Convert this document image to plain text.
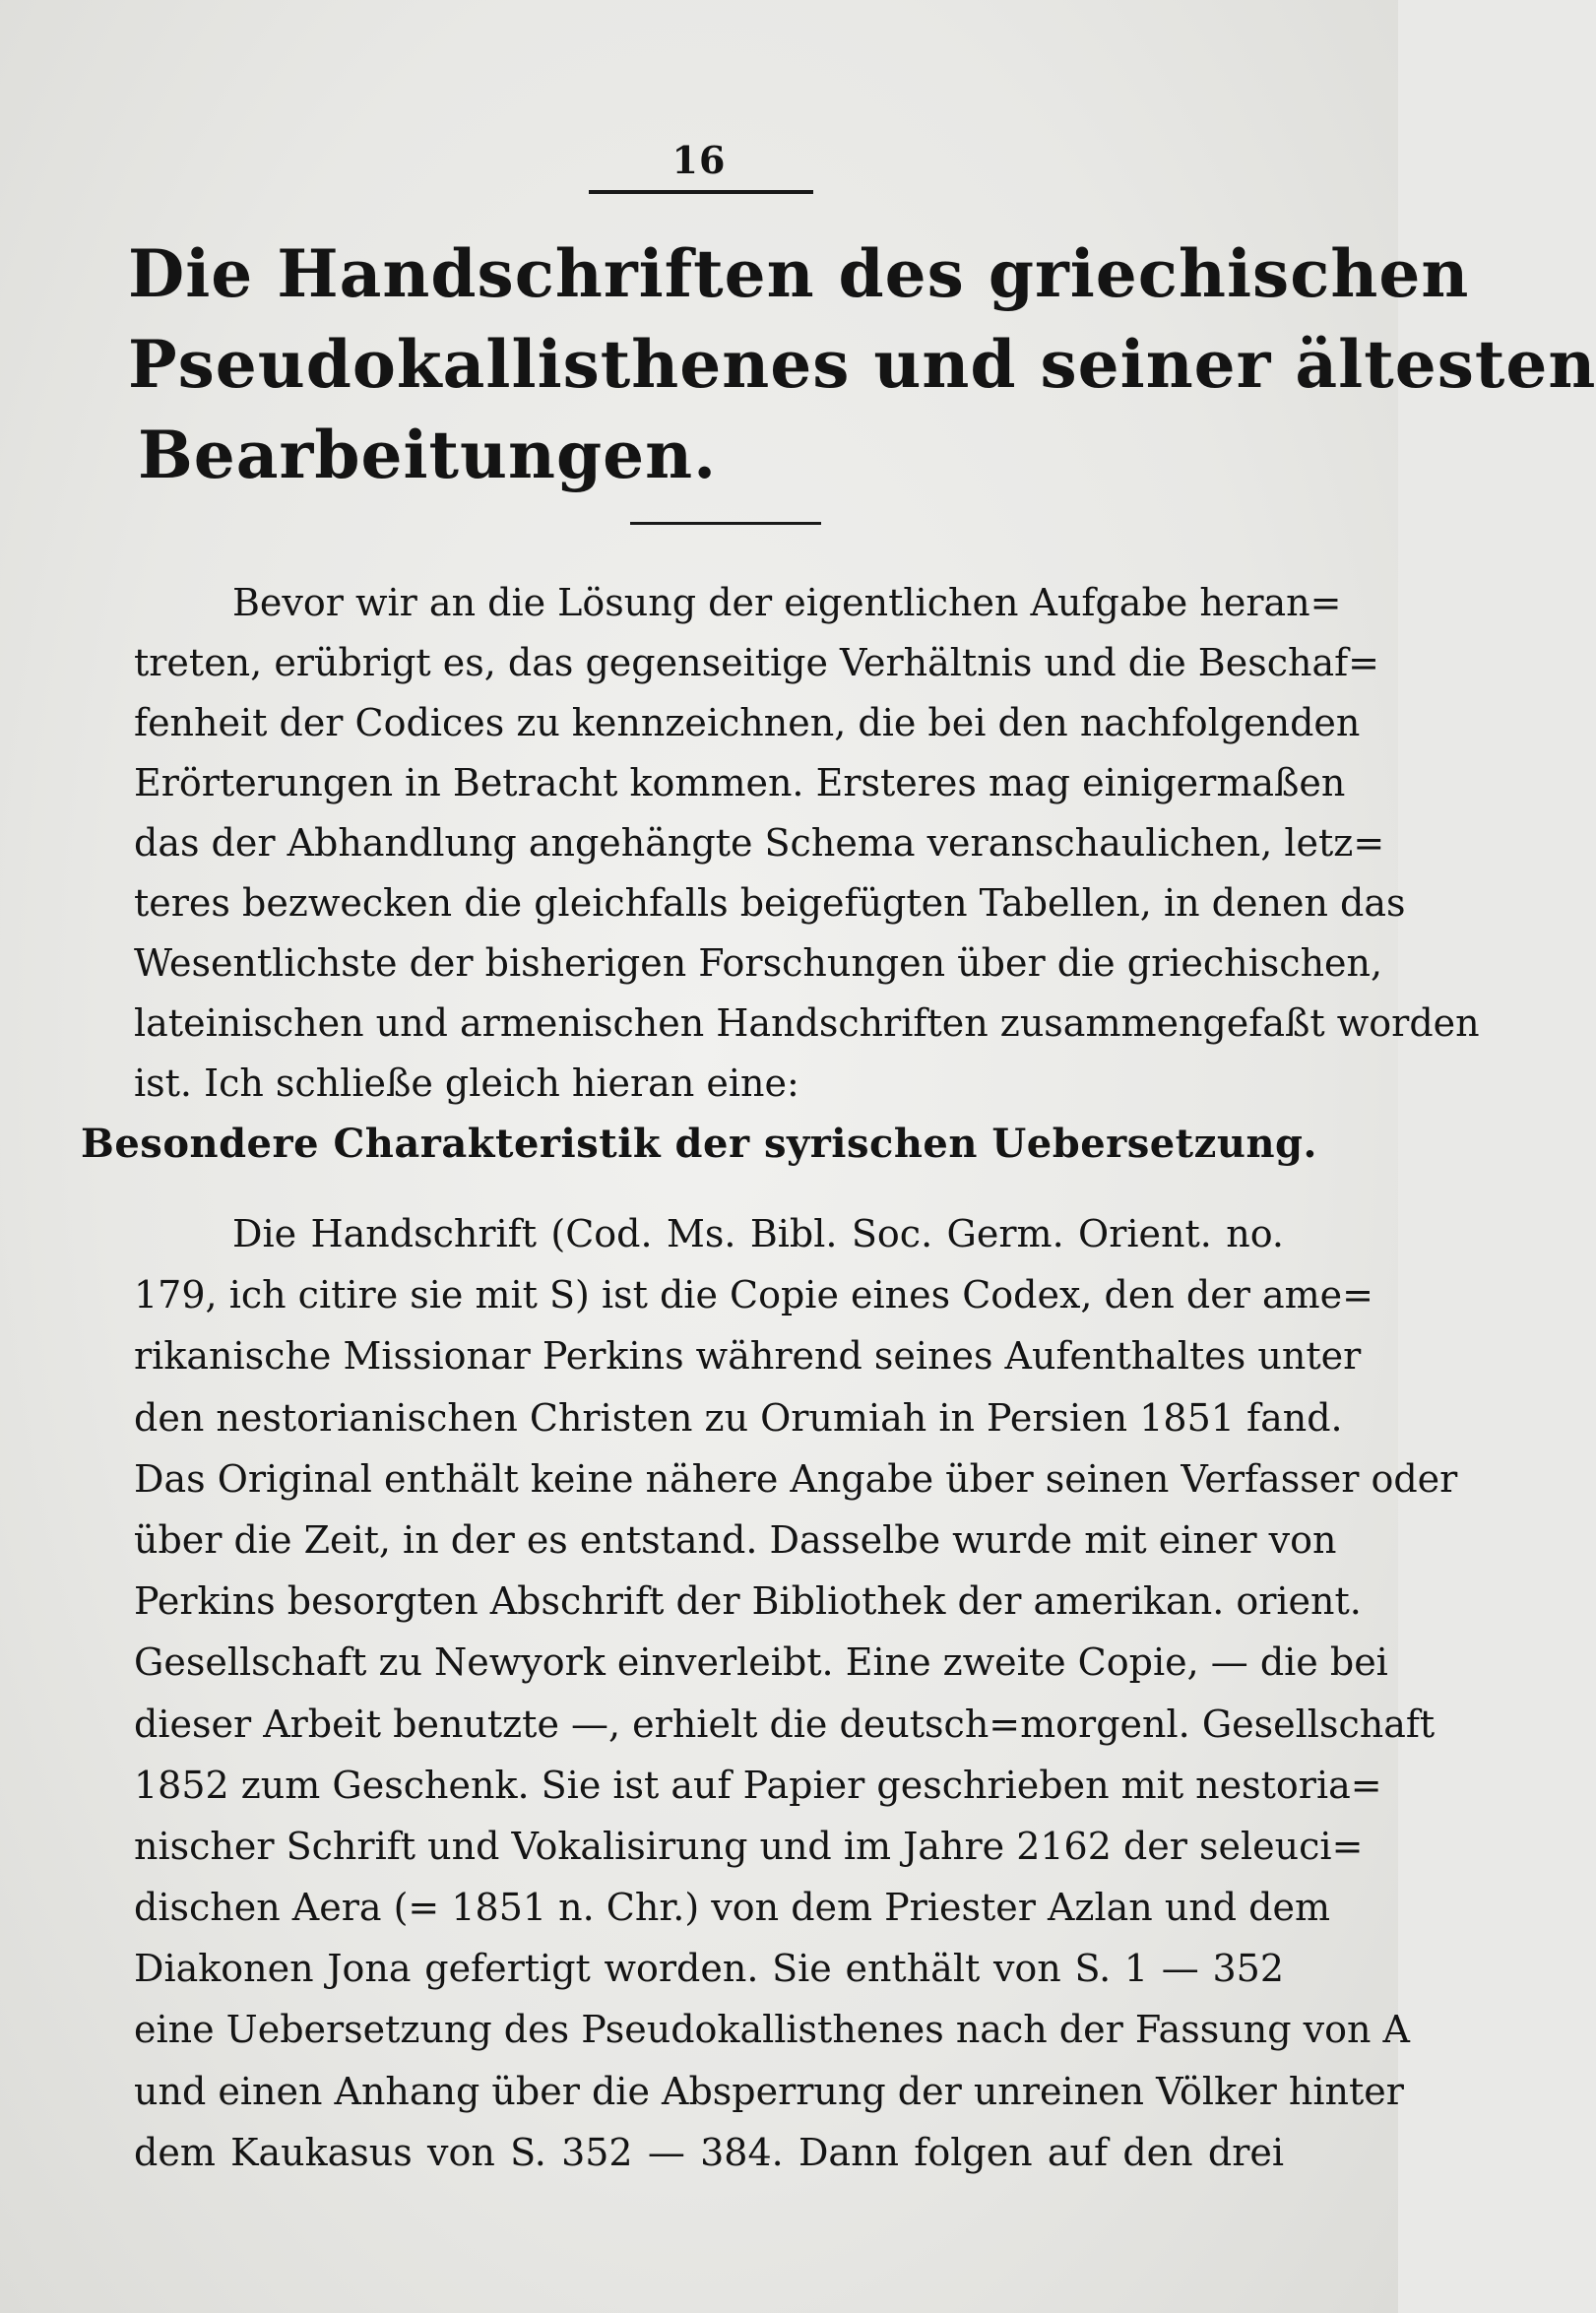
16
Die Handschriften des griechischen
Pseudokallisthenes und seiner ältesten
Bearbeitungen.
Bevor wir an die Lösung der eigentlichen Aufgabe heran=
treten, erübrigt es, das gegenseitige Verhältnis und die Beschaf=
fenheit der Codices zu kennzeichnen, die bei den nachfolgenden
Erörterungen in Betracht kommen. Ersteres mag einigermaßen
das der Abhandlung angehängte Schema veranschaulichen, letz=
teres bezwecken die gleichfalls beigefügten Tabellen, in denen das
Wesentlichste der bisherigen Forschungen über die griechischen,
lateinischen und armenischen Handschriften zusammengefaßt worden
ist. Ich schließe gleich hieran eine:
Besondere Charakteristik der syrischen Uebersetzung.
Die Handschrift (Cod. Ms. Bibl. Soc. Germ. Orient. no.
179, ich citire sie mit S) ist die Copie eines Codex, den der ame=
rikanische Missionar Perkins während seines Aufenthaltes unter
den nestorianischen Christen zu Orumiah in Persien 1851 fand.
Das Original enthält keine nähere Angabe über seinen Verfasser oder
über die Zeit, in der es entstand. Dasselbe wurde mit einer von
Perkins besorgten Abschrift der Bibliothek der amerikan. orient.
Gesellschaft zu Newyork einverleibt. Eine zweite Copie, — die bei
dieser Arbeit benutzte —, erhielt die deutsch=morgenl. Gesellschaft
1852 zum Geschenk. Sie ist auf Papier geschrieben mit nestoria=
nischer Schrift und Vokalisirung und im Jahre 2162 der seleuci=
dischen Aera (= 1851 n. Chr.) von dem Priester Azlan und dem
Diakonen Jona gefertigt worden. Sie enthält von S. 1 — 352
eine Uebersetzung des Pseudokallisthenes nach der Fassung von A
und einen Anhang über die Absperrung der unreinen Völker hinter
dem Kaukasus von S. 352 — 384. Dann folgen auf den drei
